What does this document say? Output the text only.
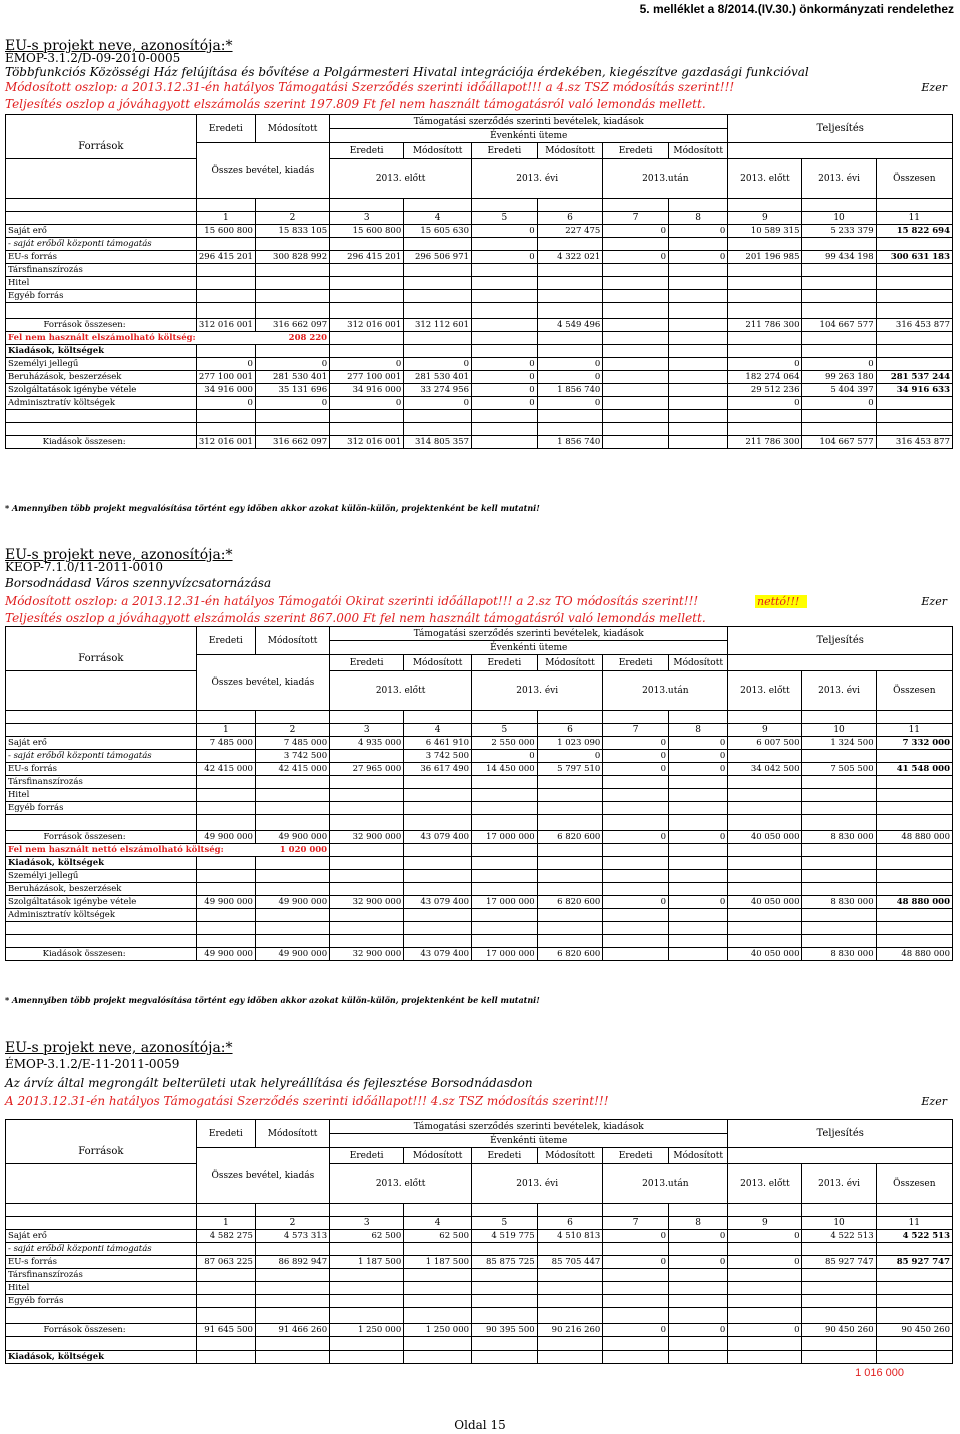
5. melléklet a 8/2014.(IV.30.) önkormányzati rendelethez
EU-s projekt neve, azonosítója:*
ÉMOP-3.1.2/D-09-2010-0005
Többfunkciós Közösségi Ház felújítása és bővítése a Polgármesteri Hivatal integrációja érdekében, kiegészítve gazdasági funkcióval
Módosított oszlop: a 2013.12.31-én hatályos Támogatási Szerződés szerinti időállapot!!! a 4.sz TSZ módosítás szerint!!!	Ezer
Teljesítés oszlop a jóváhagyott elszámolás szerint 197.809 Ft fel nem használt támogatásról való lemondás mellett.
Források	Eredeti	Módosított	Támogatási szerződés szerinti bevételek, kiadások						Teljesítés		
			Évenkénti üteme								
	Összes bevétel, kiadás		Eredeti	Módosított	Eredeti	Módosított	Eredeti	Módosított			
			2013. előtt		2013. évi		2013.után		2013. előtt	2013. évi	Összesen

	1	2	3	4	5	6	7	8	9	10	11
Saját erő	15 600 800	15 833 105	15 600 800	15 605 630	0	227 475	0	0	10 589 315	5 233 379	15 822 694
- saját erőből központi támogatás											
EU-s forrás	296 415 201	300 828 992	296 415 201	296 506 971	0	4 322 021	0	0	201 196 985	99 434 198	300 631 183
Társfinanszírozás											
Hitel											
Egyéb forrás											

Források összesen:	312 016 001	316 662 097	312 016 001	312 112 601		4 549 496			211 786 300	104 667 577	316 453 877
Fel nem használt elszámolható költség:	208 220										
Kiadások, költségek											
Személyi jellegű	0	0	0	0	0	0			0	0	
Beruházások, beszerzések	277 100 001	281 530 401	277 100 001	281 530 401	0	0			182 274 064	99 263 180	281 537 244
Szolgáltatások igénybe vétele	34 916 000	35 131 696	34 916 000	33 274 956	0	1 856 740			29 512 236	5 404 397	34 916 633
Adminisztratív költségek	0	0	0	0	0	0			0	0	

Kiadások összesen:	312 016 001	316 662 097	312 016 001	314 805 357		1 856 740			211 786 300	104 667 577	316 453 877
* Amennyiben több projekt megvalósítása történt egy időben akkor azokat külön-külön, projektenként be kell mutatni!
EU-s projekt neve, azonosítója:*
KEOP-7.1.0/11-2011-0010
Borsodnádasd Város szennyvízcsatornázása
Módosított oszlop: a 2013.12.31-én hatályos Támogatói Okirat szerinti időállapot!!! a 2.sz TO módosítás szerint!!!	nettó!!!	Ezer
Teljesítés oszlop a jóváhagyott elszámolás szerint 867.000 Ft fel nem használt támogatásról való lemondás mellett.
Források	Eredeti	Módosított	Támogatási szerződés szerinti bevételek, kiadások						Teljesítés		
			Évenkénti üteme								
	Összes bevétel, kiadás		Eredeti	Módosított	Eredeti	Módosított	Eredeti	Módosított			
			2013. előtt		2013. évi		2013.után		2013. előtt	2013. évi	Összesen

	1	2	3	4	5	6	7	8	9	10	11
Saját erő	7 485 000	7 485 000	4 935 000	6 461 910	2 550 000	1 023 090	0	0	6 007 500	1 324 500	7 332 000
- saját erőből központi támogatás		3 742 500		3 742 500	0	0	0	0			
EU-s forrás	42 415 000	42 415 000	27 965 000	36 617 490	14 450 000	5 797 510	0	0	34 042 500	7 505 500	41 548 000
Társfinanszírozás											
Hitel											
Egyéb forrás											

Források összesen:	49 900 000	49 900 000	32 900 000	43 079 400	17 000 000	6 820 600	0	0	40 050 000	8 830 000	48 880 000
Fel nem használt nettó elszámolható költség:	1 020 000										
Kiadások, költségek											
Személyi jellegű											
Beruházások, beszerzések											
Szolgáltatások igénybe vétele	49 900 000	49 900 000	32 900 000	43 079 400	17 000 000	6 820 600	0	0	40 050 000	8 830 000	48 880 000
Adminisztratív költségek											

Kiadások összesen:	49 900 000	49 900 000	32 900 000	43 079 400	17 000 000	6 820 600			40 050 000	8 830 000	48 880 000
* Amennyiben több projekt megvalósítása történt egy időben akkor azokat külön-külön, projektenként be kell mutatni!
EU-s projekt neve, azonosítója:*
ÉMOP-3.1.2/E-11-2011-0059
Az árvíz által megrongált belterületi utak helyreállítása és fejlesztése Borsodnádasdon
A 2013.12.31-én hatályos Támogatási Szerződés szerinti időállapot!!! 4.sz TSZ módosítás szerint!!!	Ezer
Források	Eredeti	Módosított	Támogatási szerződés szerinti bevételek, kiadások						Teljesítés		
			Évenkénti üteme								
	Összes bevétel, kiadás		Eredeti	Módosított	Eredeti	Módosított	Eredeti	Módosított			
			2013. előtt		2013. évi		2013.után		2013. előtt	2013. évi	Összesen

	1	2	3	4	5	6	7	8	9	10	11
Saját erő	4 582 275	4 573 313	62 500	62 500	4 519 775	4 510 813	0	0	0	4 522 513	4 522 513
- saját erőből központi támogatás											
EU-s forrás	87 063 225	86 892 947	1 187 500	1 187 500	85 875 725	85 705 447	0	0	0	85 927 747	85 927 747
Társfinanszírozás											
Hitel											
Egyéb forrás											

Források összesen:	91 645 500	91 466 260	1 250 000	1 250 000	90 395 500	90 216 260	0	0	0	90 450 260	90 450 260

Kiadások, költségek											
1 016 000
Oldal 15
